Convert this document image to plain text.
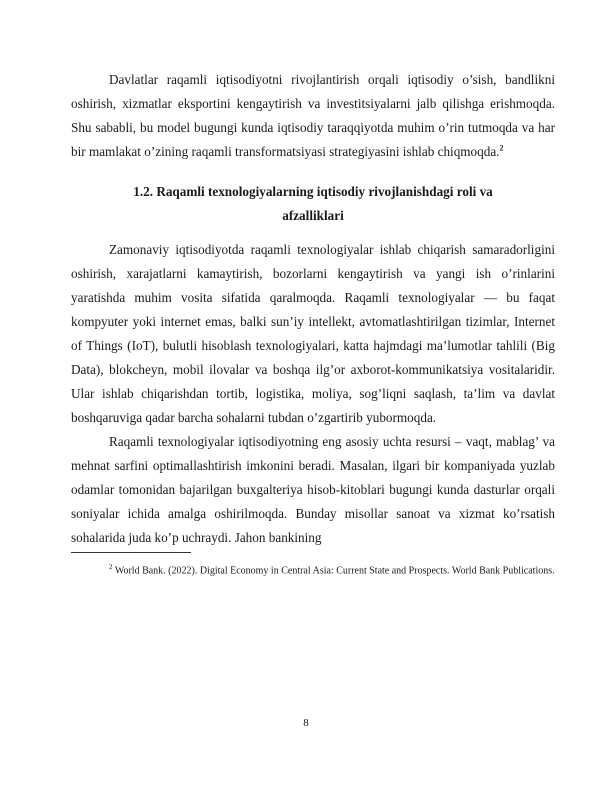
Davlatlar raqamli iqtisodiyotni rivojlantirish orqali iqtisodiy o’sish, bandlikni oshirish, xizmatlar eksportini kengaytirish va investitsiyalarni jalb qilishga erishmoqda. Shu sababli, bu model bugungi kunda iqtisodiy taraqqiyotda muhim o’rin tutmoqda va har bir mamlakat o’zining raqamli transformatsiyasi strategiyasini ishlab chiqmoqda.$^2$

1.2. Raqamli texnologiyalarning iqtisodiy rivojlanishdagi roli va afzalliklari

Zamonaviy iqtisodiyotda raqamli texnologiyalar ishlab chiqarish samaradorligini oshirish, xarajatlarni kamaytirish, bozorlarni kengaytirish va yangi ish o’rinlarini yaratishda muhim vosita sifatida qaralmoqda. Raqamli texnologiyalar — bu faqat kompyuter yoki internet emas, balki sun’iy intellekt, avtomatlashtirilgan tizimlar, Internet of Things (IoT), bulutli hisoblash texnologiyalari, katta hajmdagi ma’lumotlar tahlili (Big Data), blokcheyn, mobil ilovalar va boshqa ilg’or axborot-kommunikatsiya vositalaridir. Ular ishlab chiqarishdan tortib, logistika, moliya, sog’liqni saqlash, ta’lim va davlat boshqaruviga qadar barcha sohalarni tubdan o’zgartirib yubormoqda.

Raqamli texnologiyalar iqtisodiyotning eng asosiy uchta resursi – vaqt, mablag’ va mehnat sarfini optimallashtirish imkonini beradi. Masalan, ilgari bir kompaniyada yuzlab odamlar tomonidan bajarilgan buxgalteriya hisob-kitoblari bugungi kunda dasturlar orqali soniyalar ichida amalga oshirilmoqda. Bunday misollar sanoat va xizmat ko’rsatish sohalarida juda ko’p uchraydi. Jahon bankining

$^2$ World Bank. (2022). Digital Economy in Central Asia: Current State and Prospects. World Bank Publications.

8
